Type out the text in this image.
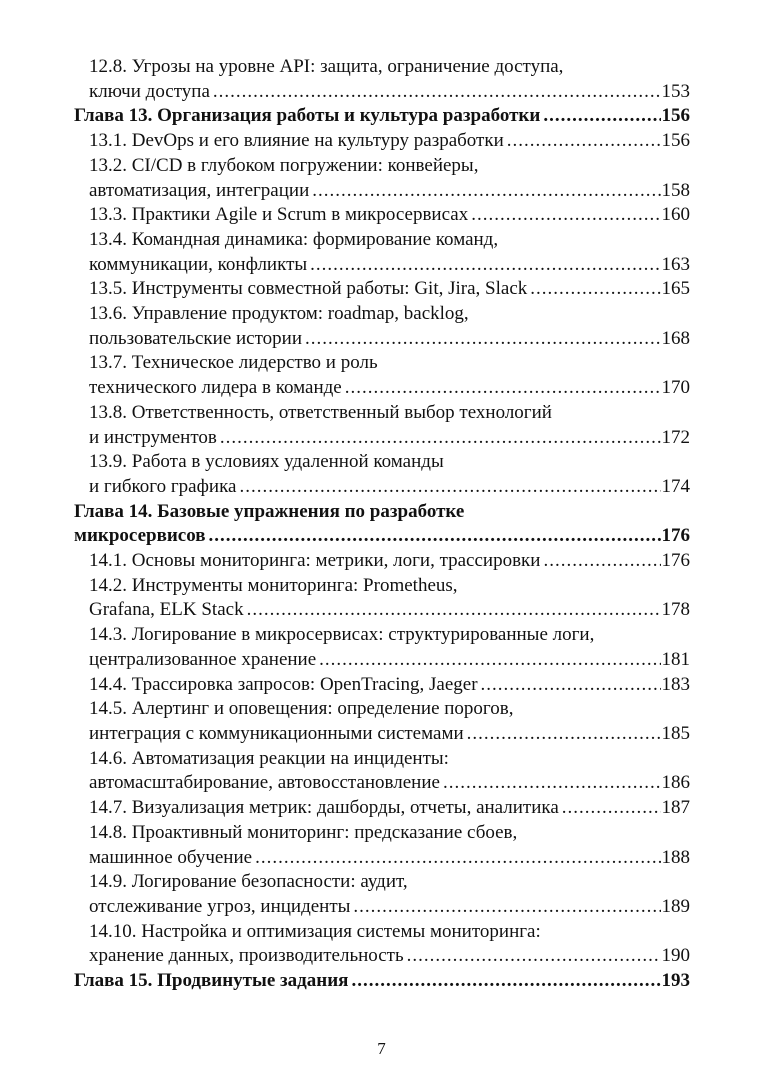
12.8. Угрозы на уровне API: защита, ограничение доступа,
ключи доступа .....	153
Глава 13. Организация работы и культура разработки .....	156
13.1. DevOps и его влияние на культуру разработки .....	156
13.2. CI/CD в глубоком погружении: конвейеры,
автоматизация, интеграции .....	158
13.3. Практики Agile и Scrum в микросервисах .....	160
13.4. Командная динамика: формирование команд,
коммуникации, конфликты .....	163
13.5. Инструменты совместной работы: Git, Jira, Slack .....	165
13.6. Управление продуктом: roadmap, backlog,
пользовательские истории .....	168
13.7. Техническое лидерство и роль
технического лидера в команде .....	170
13.8. Ответственность, ответственный выбор технологий
и инструментов .....	172
13.9. Работа в условиях удаленной команды
и гибкого графика .....	174
Глава 14. Базовые упражнения по разработке
микросервисов .....	176
14.1. Основы мониторинга: метрики, логи, трассировки .....	176
14.2. Инструменты мониторинга: Prometheus,
Grafana, ELK Stack .....	178
14.3. Логирование в микросервисах: структурированные логи,
централизованное хранение .....	181
14.4. Трассировка запросов: OpenTracing, Jaeger .....	183
14.5. Алертинг и оповещения: определение порогов,
интеграция с коммуникационными системами .....	185
14.6. Автоматизация реакции на инциденты:
автомасштабирование, автовосстановление .....	186
14.7. Визуализация метрик: дашборды, отчеты, аналитика .....	187
14.8. Проактивный мониторинг: предсказание сбоев,
машинное обучение .....	188
14.9. Логирование безопасности: аудит,
отслеживание угроз, инциденты .....	189
14.10. Настройка и оптимизация системы мониторинга:
хранение данных, производительность .....	190
Глава 15. Продвинутые задания .....	193
7
